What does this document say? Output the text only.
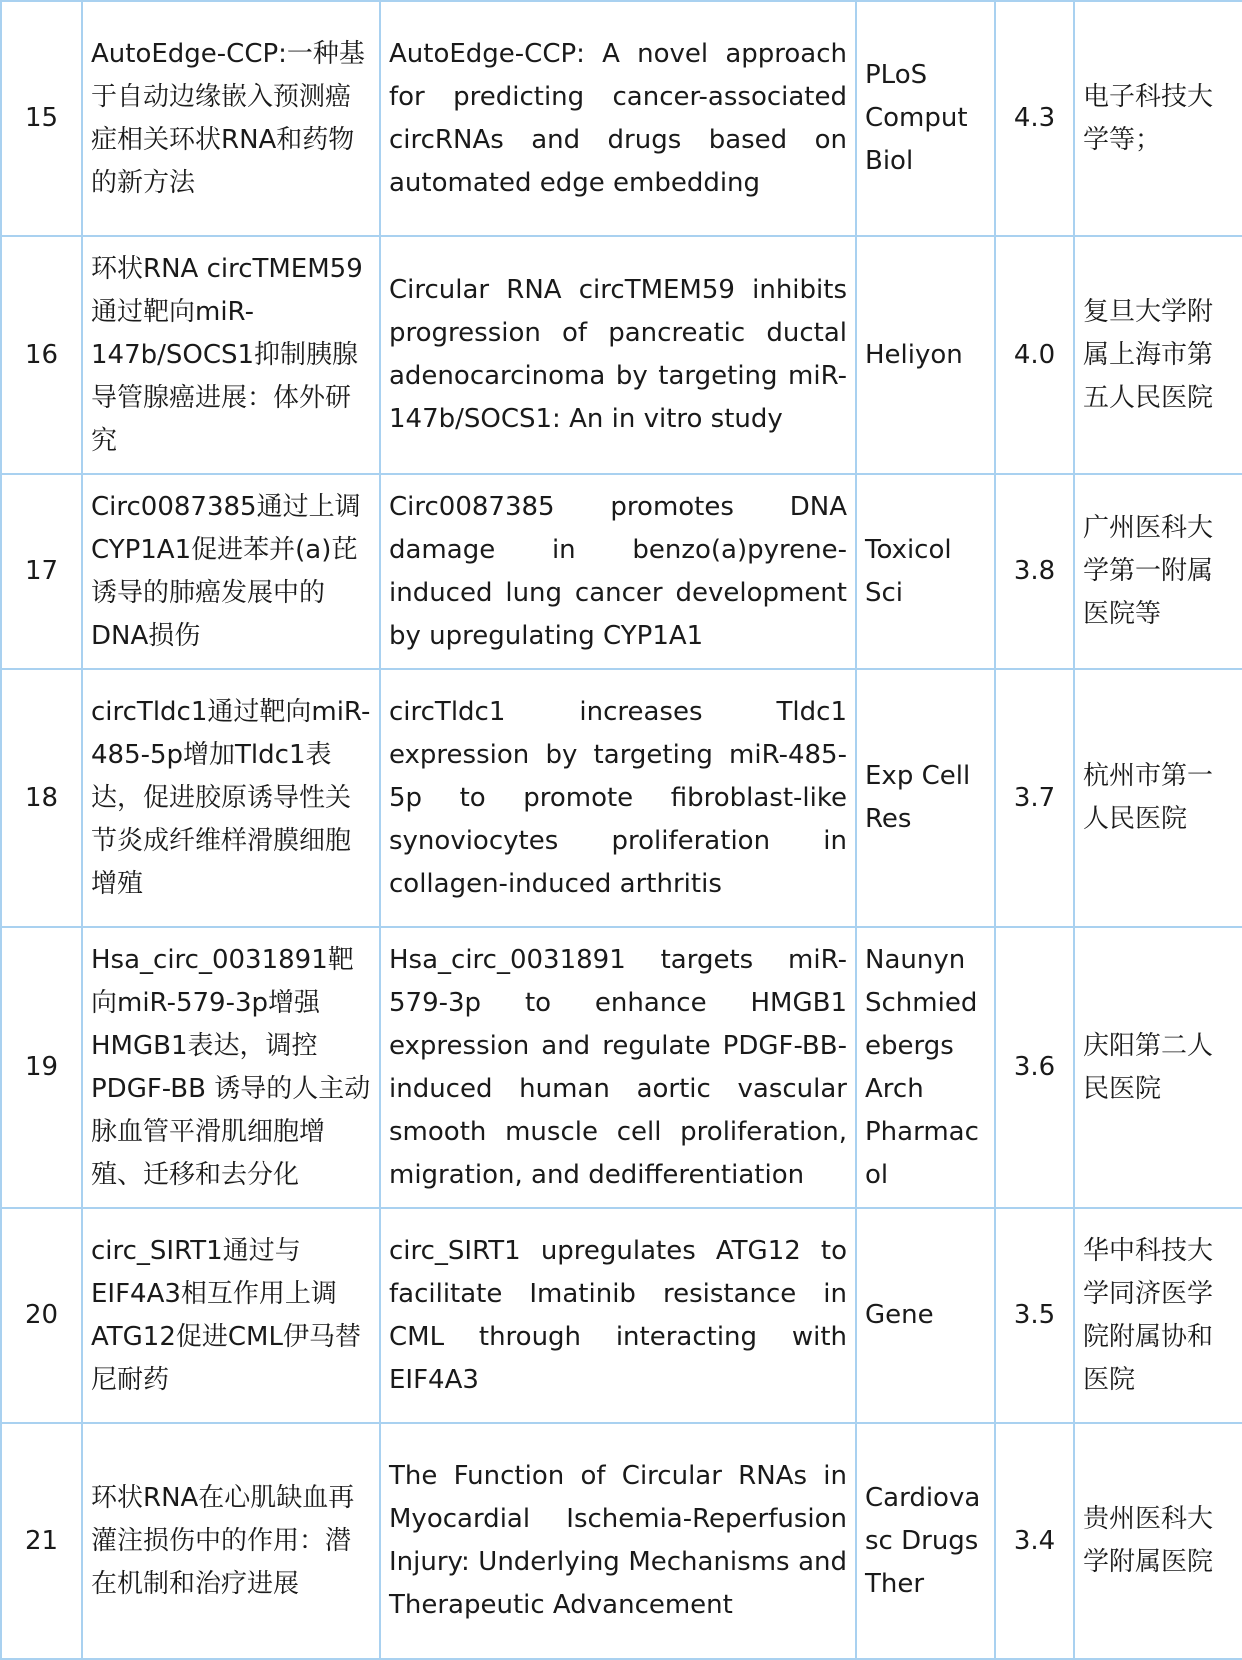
15	AutoEdge-CCP:一种基于自动边缘嵌入预测癌症相关环状RNA和药物的新方法	AutoEdge-CCP: A novel approach for predicting cancer-associated circRNAs and drugs based on automated edge embedding	PLoS Comput Biol	4.3	电子科技大学等；
16	环状RNA circTMEM59通过靶向miR-147b/SOCS1抑制胰腺导管腺癌进展：体外研究	Circular RNA circTMEM59 inhibits progression of pancreatic ductal adenocarcinoma by targeting miR-147b/SOCS1: An in vitro study	Heliyon	4.0	复旦大学附属上海市第五人民医院
17	Circ0087385通过上调CYP1A1促进苯并(a)芘诱导的肺癌发展中的DNA损伤	Circ0087385 promotes DNA damage in benzo(a)pyrene-induced lung cancer development by upregulating CYP1A1	Toxicol Sci	3.8	广州医科大学第一附属医院等
18	circTldc1通过靶向miR-485-5p增加Tldc1表达，促进胶原诱导性关节炎成纤维样滑膜细胞增殖	circTldc1 increases Tldc1 expression by targeting miR-485-5p to promote fibroblast-like synoviocytes proliferation in collagen-induced arthritis	Exp Cell Res	3.7	杭州市第一人民医院
19	Hsa_circ_0031891靶向miR-579-3p增强HMGB1表达，调控PDGF-BB 诱导的人主动脉血管平滑肌细胞增殖、迁移和去分化	Hsa_circ_0031891 targets miR-579-3p to enhance HMGB1 expression and regulate PDGF-BB-induced human aortic vascular smooth muscle cell proliferation, migration, and dedifferentiation	Naunyn Schmiedebergs Arch Pharmacol	3.6	庆阳第二人民医院
20	circ_SIRT1通过与EIF4A3相互作用上调ATG12促进CML伊马替尼耐药	circ_SIRT1 upregulates ATG12 to facilitate Imatinib resistance in CML through interacting with EIF4A3	Gene	3.5	华中科技大学同济医学院附属协和医院
21	环状RNA在心肌缺血再灌注损伤中的作用：潜在机制和治疗进展	The Function of Circular RNAs in Myocardial Ischemia-Reperfusion Injury: Underlying Mechanisms and Therapeutic Advancement	Cardiovasc Drugs Ther	3.4	贵州医科大学附属医院
